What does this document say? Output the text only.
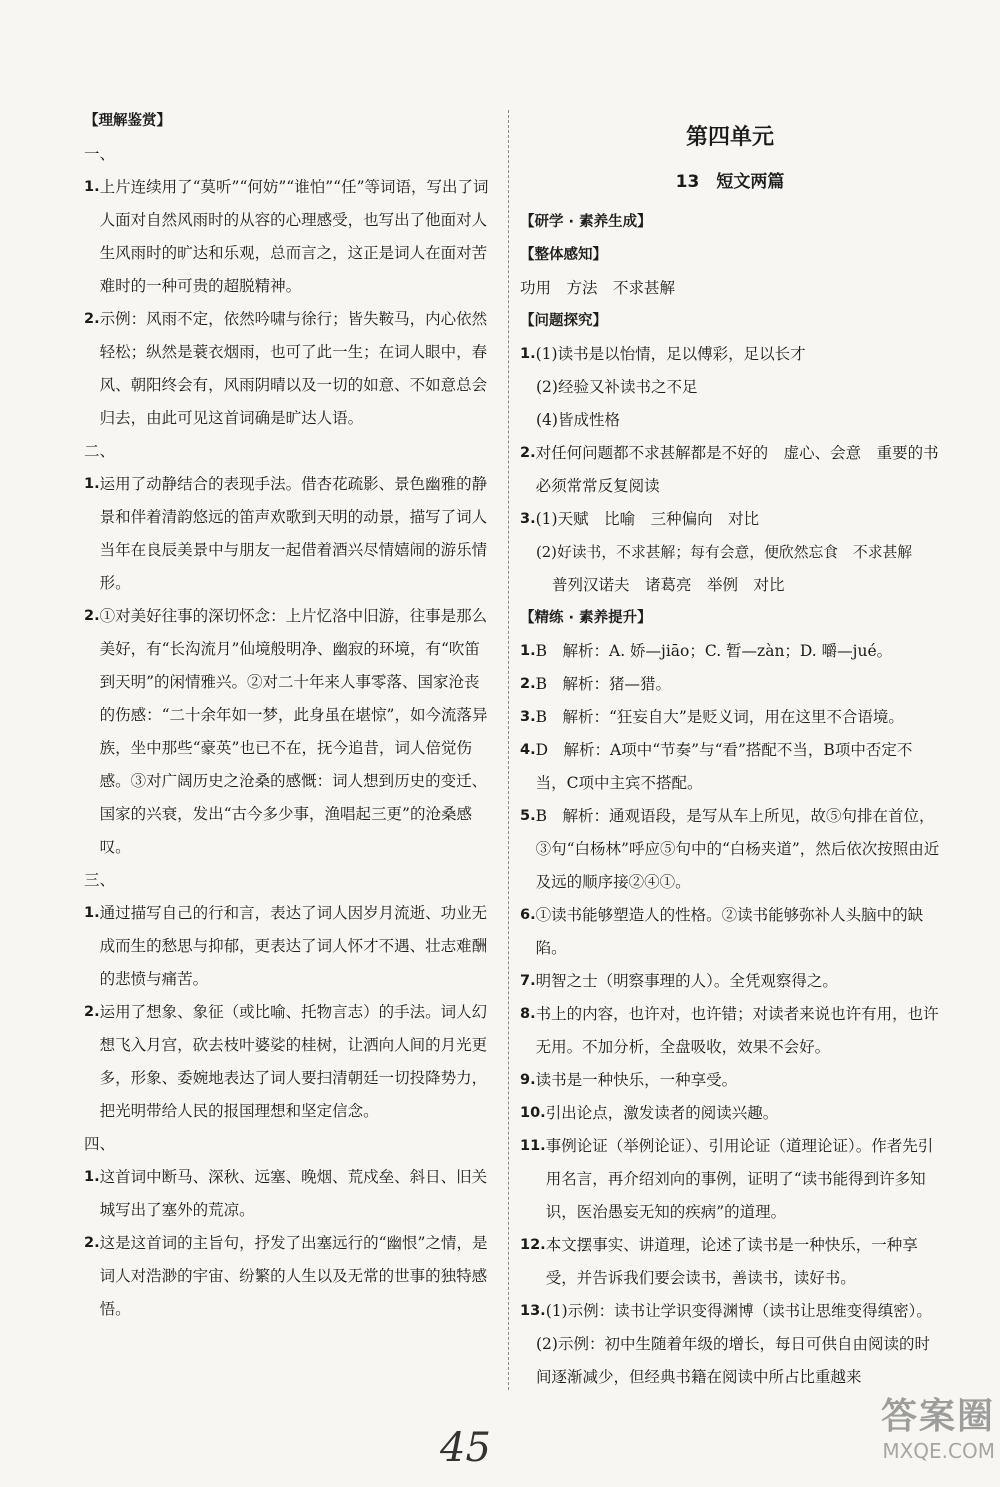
【理解鉴赏】

一、

1. 上片连续用了“莫听”“何妨”“谁怕”“任”等词语，写出了词人面对自然风雨时的从容的心理感受，也写出了他面对人生风雨时的旷达和乐观，总而言之，这正是词人在面对苦难时的一种可贵的超脱精神。
2. 示例：风雨不定，依然吟啸与徐行；皆失鞍马，内心依然轻松；纵然是蓑衣烟雨，也可了此一生；在词人眼中，春风、朝阳终会有，风雨阴晴以及一切的如意、不如意总会归去，由此可见这首词确是旷达人语。

二、

1. 运用了动静结合的表现手法。借杏花疏影、景色幽雅的静景和伴着清韵悠远的笛声欢歌到天明的动景，描写了词人当年在良辰美景中与朋友一起借着酒兴尽情嬉闹的游乐情形。
2. ①对美好往事的深切怀念：上片忆洛中旧游，往事是那么美好，有“长沟流月”仙境般明净、幽寂的环境，有“吹笛到天明”的闲情雅兴。②对二十年来人事零落、国家沧丧的伤感：“二十余年如一梦，此身虽在堪惊”，如今流落异族，坐中那些“豪英”也已不在，抚今追昔，词人倍觉伤感。③对广阔历史之沧桑的感慨：词人想到历史的变迁、国家的兴衰，发出“古今多少事，渔唱起三更”的沧桑感叹。

三、

1. 通过描写自己的行和言，表达了词人因岁月流逝、功业无成而生的愁思与抑郁，更表达了词人怀才不遇、壮志难酬的悲愤与痛苦。
2. 运用了想象、象征（或比喻、托物言志）的手法。词人幻想飞入月宫，砍去枝叶婆娑的桂树，让洒向人间的月光更多，形象、委婉地表达了词人要扫清朝廷一切投降势力，把光明带给人民的报国理想和坚定信念。

四、

1. 这首词中断马、深秋、远塞、晚烟、荒戍垒、斜日、旧关城写出了塞外的荒凉。
2. 这是这首词的主旨句，抒发了出塞远行的“幽恨”之情，是词人对浩渺的宇宙、纷繁的人生以及无常的世事的独特感悟。
第四单元
13　短文两篇

【研学 · 素养生成】

【整体感知】

功用　方法　不求甚解

【问题探究】

1. (1)读书是以怡情，足以傅彩，足以长才
(2)经验又补读书之不足
(4)皆成性格
2. 对任何问题都不求甚解都是不好的　虚心、会意　重要的书必须常常反复阅读
3. (1)天赋　比喻　三种偏向　对比
(2)好读书，不求甚解；每有会意，便欣然忘食　不求甚解
普列汉诺夫　诸葛亮　举例　对比

【精练 · 素养提升】

1. B　解析：A. 娇—jiāo；C. 暂—zàn；D. 嚼—jué。
2. B　解析：猪—猎。
3. B　解析：“狂妄自大”是贬义词，用在这里不合语境。
4. D　解析：A项中“节奏”与“看”搭配不当，B项中否定不当，C项中主宾不搭配。
5. B　解析：通观语段，是写从车上所见，故⑤句排在首位，③句“白杨林”呼应⑤句中的“白杨夹道”，然后依次按照由近及远的顺序接②④①。
6. ①读书能够塑造人的性格。②读书能够弥补人头脑中的缺陷。
7. 明智之士（明察事理的人）。全凭观察得之。
8. 书上的内容，也许对，也许错；对读者来说也许有用，也许无用。不加分析，全盘吸收，效果不会好。
9. 读书是一种快乐，一种享受。
10. 引出论点，激发读者的阅读兴趣。
11. 事例论证（举例论证）、引用论证（道理论证）。作者先引用名言，再介绍刘向的事例，证明了“读书能得到许多知识，医治愚妄无知的疾病”的道理。
12. 本文摆事实、讲道理，论述了读书是一种快乐，一种享受，并告诉我们要会读书，善读书，读好书。
13. (1)示例：读书让学识变得渊博（读书让思维变得缜密）。
(2)示例：初中生随着年级的增长，每日可供自由阅读的时间逐渐减少，但经典书籍在阅读中所占比重越来
45
答案圈
MXQE.COM
